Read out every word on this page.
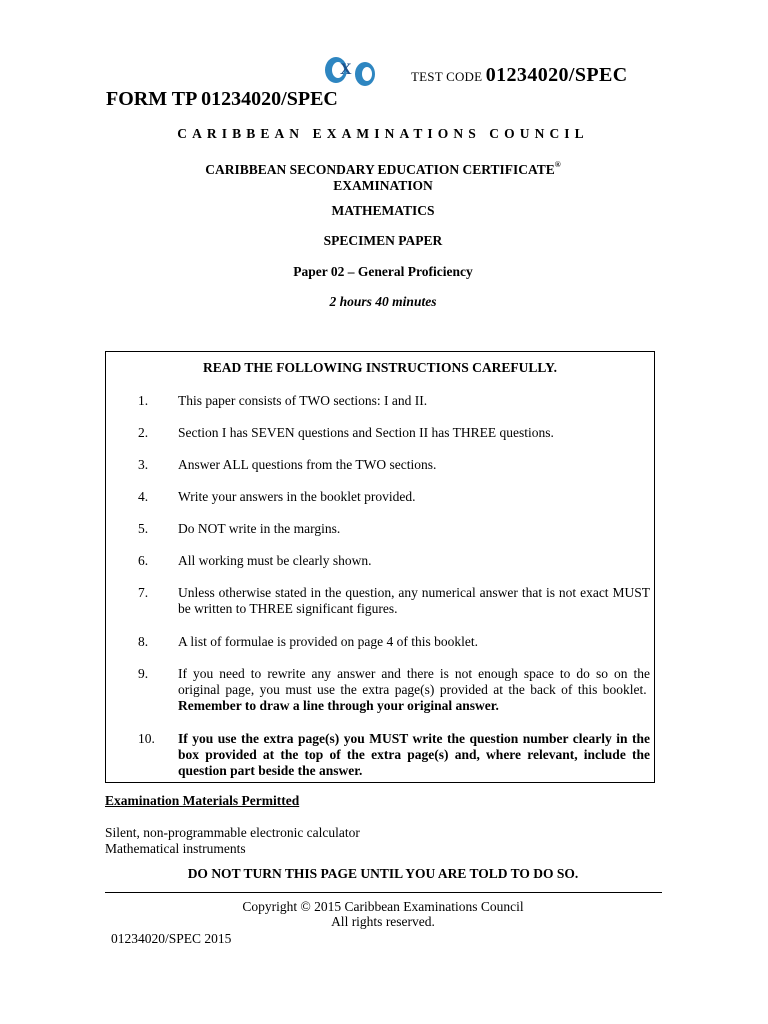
X	TEST CODE 01234020/SPEC
FORM TP 01234020/SPEC
CARIBBEAN EXAMINATIONS COUNCIL
CARIBBEAN SECONDARY EDUCATION CERTIFICATE®
EXAMINATION
MATHEMATICS
SPECIMEN PAPER
Paper 02 – General Proficiency
2 hours 40 minutes
READ THE FOLLOWING INSTRUCTIONS CAREFULLY.
1.	This paper consists of TWO sections: I and II.
2.	Section I has SEVEN questions and Section II has THREE questions.
3.	Answer ALL questions from the TWO sections.
4.	Write your answers in the booklet provided.
5.	Do NOT write in the margins.
6.	All working must be clearly shown.
7.	Unless otherwise stated in the question, any numerical answer that is not exact MUST be written to THREE significant figures.
8.	A list of formulae is provided on page 4 of this booklet.
9.	If you need to rewrite any answer and there is not enough space to do so on the original page, you must use the extra page(s) provided at the back of this booklet.  Remember to draw a line through your original answer.
10.	If you use the extra page(s) you MUST write the question number clearly in the box provided at the top of the extra page(s) and, where relevant, include the question part beside the answer.
Examination Materials Permitted
Silent, non-programmable electronic calculator
Mathematical instruments
DO NOT TURN THIS PAGE UNTIL YOU ARE TOLD TO DO SO.
Copyright © 2015 Caribbean Examinations Council
All rights reserved.
01234020/SPEC 2015
